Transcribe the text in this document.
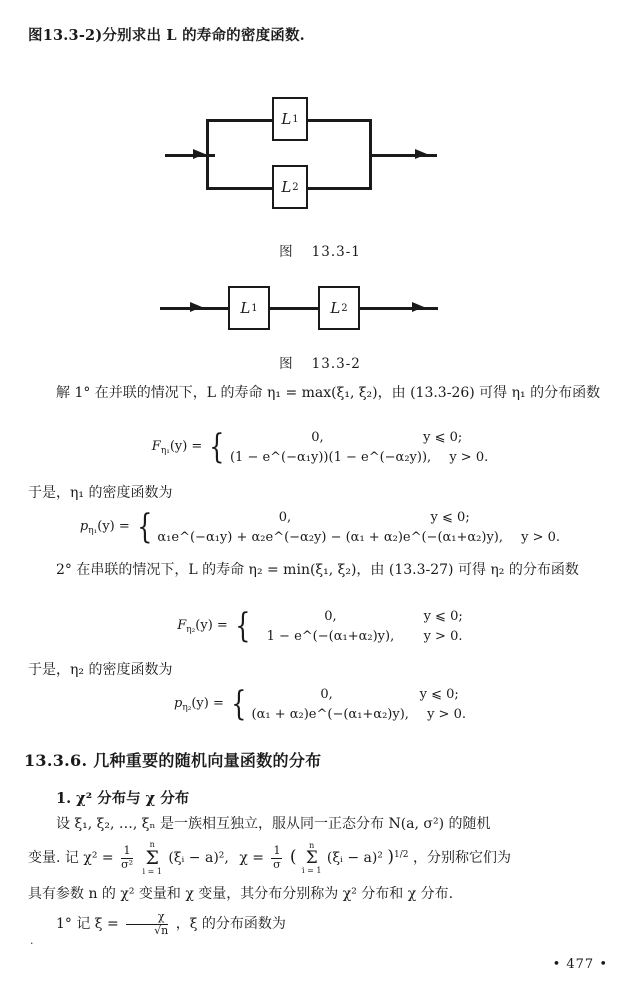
图13.3-2)分别求出 L 的寿命的密度函数.
L 1
L 2
图 13.3-1
L 1	L 2
图 13.3-2
解 1° 在并联的情况下，L 的寿命 η₁ = max(ξ₁, ξ₂)，由 (13.3-26) 可得 η₁ 的分布函数
$F_{\eta_1}(y)$ = {	0,	y ⩽ 0;
(1 − e^(−α₁y))(1 − e^(−α₂y)), y > 0.
于是，η₁ 的密度函数为
$p_{\eta_1}(y)$ = {	0,	y ⩽ 0;
α₁e^(−α₁y) + α₂e^(−α₂y) − (α₁ + α₂)e^(−(α₁+α₂)y), y > 0.
2° 在串联的情况下，L 的寿命 η₂ = min(ξ₁, ξ₂)，由 (13.3-27) 可得 η₂ 的分布函数
$F_{\eta_2}(y)$ = {	0,	y ⩽ 0;
1 − e^(−(α₁+α₂)y), y > 0.
于是，η₂ 的密度函数为
$p_{\eta_2}(y)$ = {	0,	y ⩽ 0;
(α₁ + α₂)e^(−(α₁+α₂)y), y > 0.
13.3.6. 几种重要的随机向量函数的分布
1. χ² 分布与 χ 分布
设 ξ₁, ξ₂, …, ξₙ 是一族相互独立，服从同一正态分布 N(a, σ²) 的随机
变量. 记 $\chi^2 = \frac{1}{\text{σ²}}$

n
Σ
i = 1
(ξᵢ − a)², $\chi = \frac{1}{\sigma}$ (
n
Σ
i = 1
(ξᵢ − a)² )$^{1/2}$ ，分别称它们为
具有参数 n 的 χ² 变量和 χ 变量，其分布分别称为 χ² 分布和 χ 分布.
1° 记 $\xi = \frac{\chi}{√n}$ ，ξ 的分布函数为
·
• 477 •
